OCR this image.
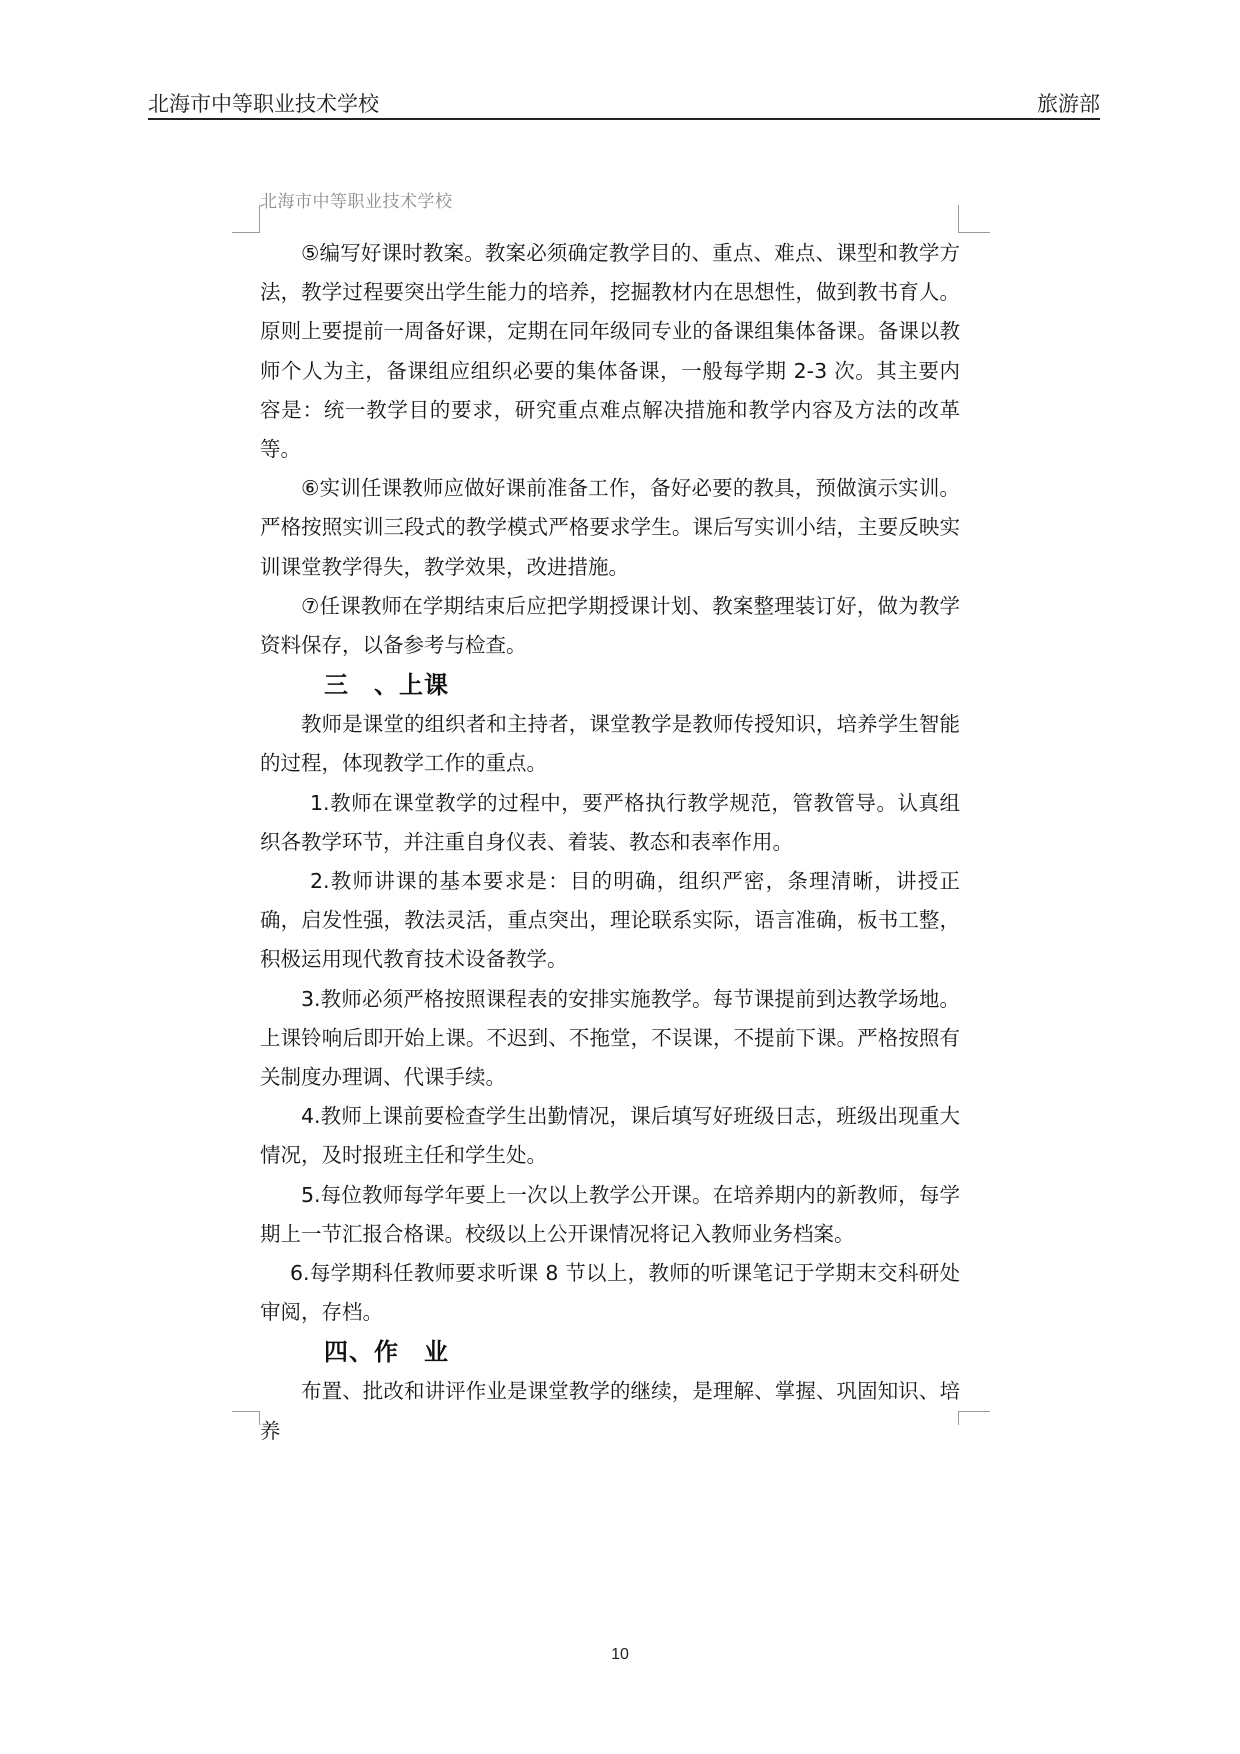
北海市中等职业技术学校	旅游部
北海市中等职业技术学校

⑤编写好课时教案。教案必须确定教学目的、重点、难点、课型和教学方法，教学过程要突出学生能力的培养，挖掘教材内在思想性，做到教书育人。原则上要提前一周备好课，定期在同年级同专业的备课组集体备课。备课以教师个人为主，备课组应组织必要的集体备课，一般每学期 2-3 次。其主要内容是：统一教学目的要求，研究重点难点解决措施和教学内容及方法的改革等。

⑥实训任课教师应做好课前准备工作，备好必要的教具，预做演示实训。严格按照实训三段式的教学模式严格要求学生。课后写实训小结，主要反映实训课堂教学得失，教学效果，改进措施。

⑦任课教师在学期结束后应把学期授课计划、教案整理装订好，做为教学资料保存，以备参考与检查。

三　、上课

教师是课堂的组织者和主持者，课堂教学是教师传授知识，培养学生智能的过程，体现教学工作的重点。

1.教师在课堂教学的过程中，要严格执行教学规范，管教管导。认真组织各教学环节，并注重自身仪表、着装、教态和表率作用。

2.教师讲课的基本要求是：目的明确，组织严密，条理清晰，讲授正确，启发性强，教法灵活，重点突出，理论联系实际，语言准确，板书工整，积极运用现代教育技术设备教学。

3.教师必须严格按照课程表的安排实施教学。每节课提前到达教学场地。上课铃响后即开始上课。不迟到、不拖堂，不误课，不提前下课。严格按照有关制度办理调、代课手续。

4.教师上课前要检查学生出勤情况，课后填写好班级日志，班级出现重大情况，及时报班主任和学生处。

5.每位教师每学年要上一次以上教学公开课。在培养期内的新教师，每学期上一节汇报合格课。校级以上公开课情况将记入教师业务档案。

6.每学期科任教师要求听课 8 节以上，教师的听课笔记于学期末交科研处审阅，存档。

四、作　业

布置、批改和讲评作业是课堂教学的继续，是理解、掌握、巩固知识、培养

10
